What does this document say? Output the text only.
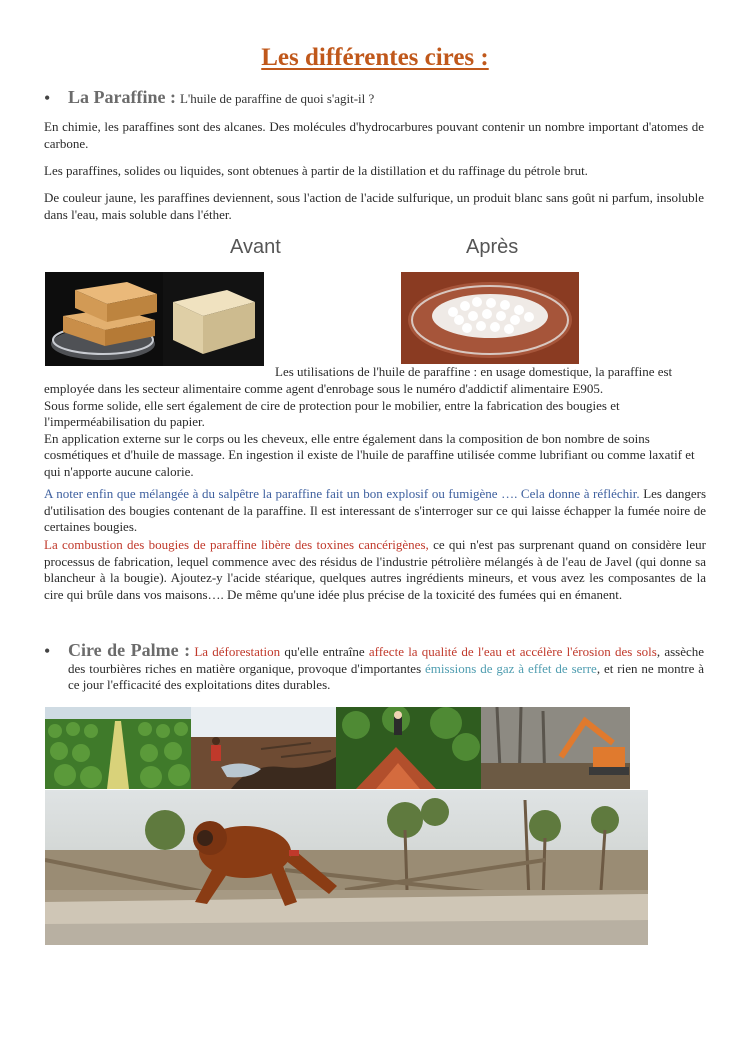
Les différentes cires :
• La Paraffine : L'huile de paraffine de quoi s'agit-il ?
En chimie, les paraffines sont des alcanes. Des molécules d'hydrocarbures pouvant contenir un nombre important d'atomes de carbone.
Les paraffines, solides ou liquides, sont obtenues à partir de la distillation et du raffinage du pétrole brut.
De couleur jaune, les paraffines deviennent, sous l'action de l'acide sulfurique, un produit blanc sans goût ni parfum, insoluble dans l'eau, mais soluble dans l'éther.
Avant	Après
Les utilisations de l'huile de paraffine : en usage domestique, la paraffine est
employée dans les secteur alimentaire comme agent d'enrobage sous le numéro d'addictif alimentaire E905.
Sous forme solide, elle sert également de cire de protection pour le mobilier, entre la fabrication des bougies et l'imperméabilisation du papier.
En application externe sur le corps ou les cheveux, elle entre également dans la composition de bon nombre de soins cosmétiques et d'huile de massage. En ingestion il existe de l'huile de paraffine utilisée comme lubrifiant ou comme laxatif et qui n'apporte aucune calorie.
A noter enfin que mélangée à du salpêtre la paraffine fait un bon explosif ou fumigène …. Cela donne à réfléchir. Les dangers d'utilisation des bougies contenant de la paraffine. Il est interessant de s'interroger sur ce qui laisse échapper la fumée noire de certaines bougies.
La combustion des bougies de paraffine libère des toxines cancérigènes, ce qui n'est pas surprenant quand on considère leur processus de fabrication, lequel commence avec des résidus de l'industrie pétrolière mélangés à de l'eau de Javel (qui donne sa blancheur à la bougie). Ajoutez-y l'acide stéarique, quelques autres ingrédients mineurs, et vous avez les composantes de la cire qui brûle dans vos maisons…. De même qu'une idée plus précise de la toxicité des fumées qui en émanent.
• Cire de Palme : La déforestation qu'elle entraîne affecte la qualité de l'eau et accélère l'érosion des sols, assèche des tourbières riches en matière organique, provoque d'importantes émissions de gaz à effet de serre, et rien ne montre à ce jour l'efficacité des exploitations dites durables.
